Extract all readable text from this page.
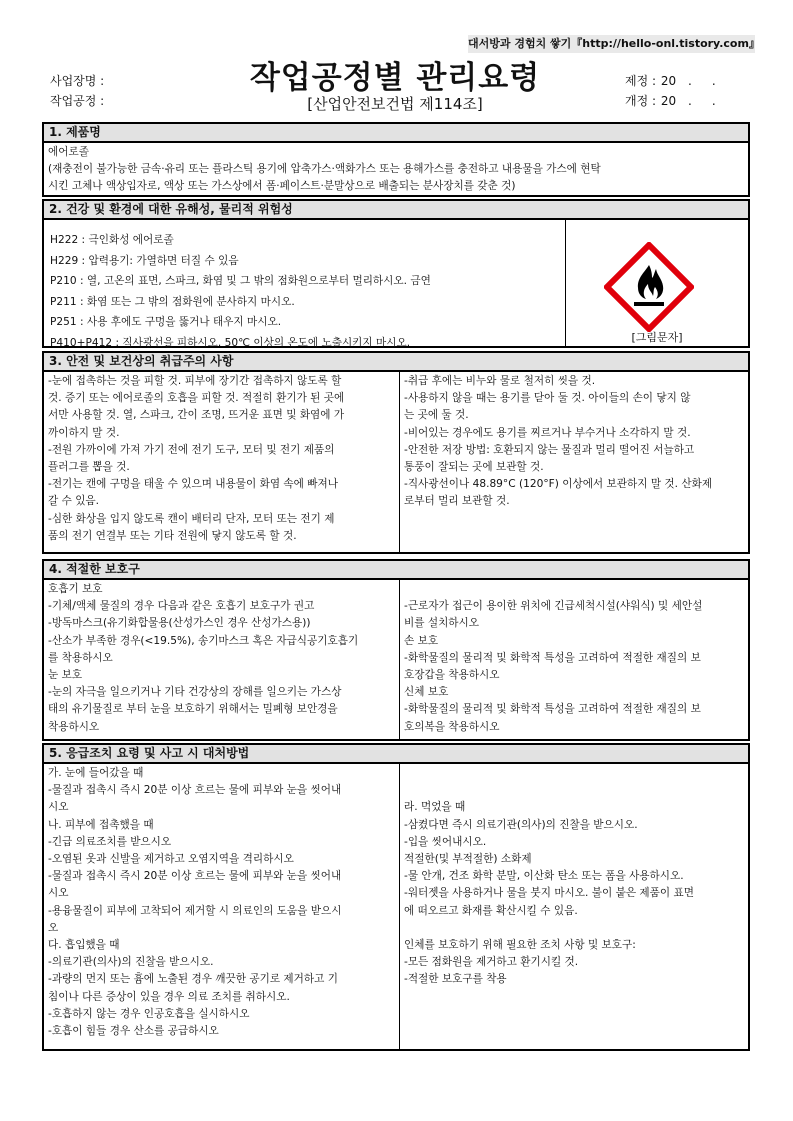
대서방과 경험치 쌓기『http://hello-onl.tistory.com』
사업장명 :
작업공정 :
작업공정별 관리요령
[산업안전보건법 제114조]
제정 : 20 . .
개정 : 20 . .
1. 제품명
에어로졸
(재충전이 불가능한 금속·유리 또는 플라스틱 용기에 압축가스·액화가스 또는 용해가스를 충전하고 내용물을 가스에 현탁
시킨 고체나 액상입자로, 액상 또는 가스상에서 폼·페이스트·분말상으로 배출되는 분사장치를 갖춘 것)
2. 건강 및 환경에 대한 유해성, 물리적 위험성
H222 : 극인화성 에어로졸
H229 : 압력용기: 가열하면 터질 수 있음
P210 : 열, 고온의 표면, 스파크, 화염 및 그 밖의 점화원으로부터 멀리하시오. 금연
P211 : 화염 또는 그 밖의 점화원에 분사하지 마시오.
P251 : 사용 후에도 구멍을 뚫거나 태우지 마시오.
P410+P412 : 직사광선을 피하시오. 50℃ 이상의 온도에 노출시키지 마시오.	[그림문자]
3. 안전 및 보건상의 취급주의 사항
-눈에 접촉하는 것을 피할 것. 피부에 장기간 접촉하지 않도록 할
것. 증기 또는 에어로졸의 호흡을 피할 것. 적절히 환기가 된 곳에
서만 사용할 것. 열, 스파크, 간이 조명, 뜨거운 표면 및 화염에 가
까이하지 말 것.
-전원 가까이에 가져 가기 전에 전기 도구, 모터 및 전기 제품의
플러그를 뽑을 것.
-전기는 캔에 구멍을 태울 수 있으며 내용물이 화염 속에 빠져나
갈 수 있음.
-심한 화상을 입지 않도록 캔이 배터리 단자, 모터 또는 전기 제
품의 전기 연결부 또는 기타 전원에 닿지 않도록 할 것.
-취급 후에는 비누와 물로 철저히 씻을 것.
-사용하지 않을 때는 용기를 닫아 둘 것. 아이들의 손이 닿지 않
는 곳에 둘 것.
-비어있는 경우에도 용기를 찌르거나 부수거나 소각하지 말 것.
-안전한 저장 방법: 호환되지 않는 물질과 멀리 떨어진 서늘하고
통풍이 잘되는 곳에 보관할 것.
-직사광선이나 48.89°C (120°F) 이상에서 보관하지 말 것. 산화제
로부터 멀리 보관할 것.
4. 적절한 보호구
호흡기 보호
-기체/액체 물질의 경우 다음과 같은 호흡기 보호구가 권고
-방독마스크(유기화합물용(산성가스인 경우 산성가스용))
-산소가 부족한 경우(<19.5%), 송기마스크 혹은 자급식공기호흡기
를 착용하시오
눈 보호
-눈의 자극을 일으키거나 기타 건강상의 장해를 일으키는 가스상
태의 유기물질로 부터 눈을 보호하기 위해서는 밀폐형 보안경을
착용하시오
-근로자가 접근이 용이한 위치에 긴급세척시설(샤워식) 및 세안설
비를 설치하시오
손 보호
-화학물질의 물리적 및 화학적 특성을 고려하여 적절한 재질의 보
호장갑을 착용하시오
신체 보호
-화학물질의 물리적 및 화학적 특성을 고려하여 적절한 재질의 보
호의복을 착용하시오
5. 응급조치 요령 및 사고 시 대처방법
가. 눈에 들어갔을 때
-물질과 접촉시 즉시 20분 이상 흐르는 물에 피부와 눈을 씻어내
시오
나. 피부에 접촉했을 때
-긴급 의료조치를 받으시오
-오염된 옷과 신발을 제거하고 오염지역을 격리하시오
-물질과 접촉시 즉시 20분 이상 흐르는 물에 피부와 눈을 씻어내
시오
-용융물질이 피부에 고착되어 제거할 시 의료인의 도움을 받으시
오
다. 흡입했을 때
-의료기관(의사)의 진찰을 받으시오.
-과량의 먼지 또는 흄에 노출된 경우 깨끗한 공기로 제거하고 기
침이나 다른 증상이 있을 경우 의료 조치를 취하시오.
-호흡하지 않는 경우 인공호흡을 실시하시오
-호흡이 힘들 경우 산소를 공급하시오
라. 먹었을 때
-삼켰다면 즉시 의료기관(의사)의 진찰을 받으시오.
-입을 씻어내시오.
적절한(및 부적절한) 소화제
-물 안개, 건조 화학 분말, 이산화 탄소 또는 폼을 사용하시오.
-워터젯을 사용하거나 물을 붓지 마시오. 불이 붙은 제품이 표면
에 떠오르고 화재를 확산시킬 수 있음.
인체를 보호하기 위해 필요한 조치 사항 및 보호구:
-모든 점화원을 제거하고 환기시킬 것.
-적절한 보호구를 착용
